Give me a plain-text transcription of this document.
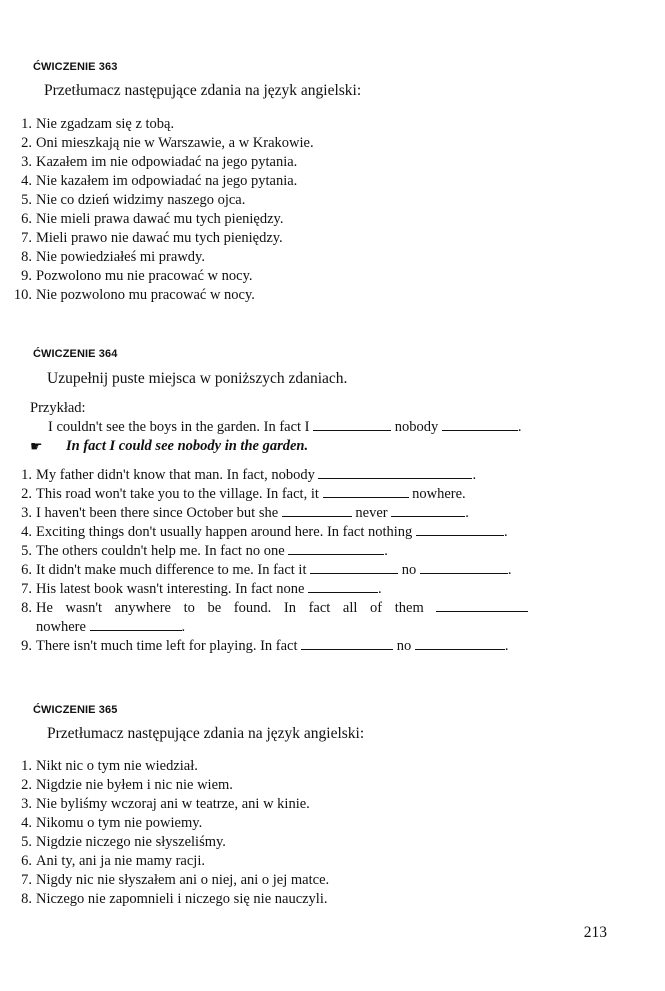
ĆWICZENIE 363
Przetłumacz następujące zdania na język angielski:
1. Nie zgadzam się z tobą.
2. Oni mieszkają nie w Warszawie, a w Krakowie.
3. Kazałem im nie odpowiadać na jego pytania.
4. Nie kazałem im odpowiadać na jego pytania.
5. Nie co dzień widzimy naszego ojca.
6. Nie mieli prawa dawać mu tych pieniędzy.
7. Mieli prawo nie dawać mu tych pieniędzy.
8. Nie powiedziałeś mi prawdy.
9. Pozwolono mu nie pracować w nocy.
10. Nie pozwolono mu pracować w nocy.
ĆWICZENIE 364
Uzupełnij puste miejsca w poniższych zdaniach.
Przykład:
I couldn't see the boys in the garden. In fact I	nobody	.
☛ In fact I could see nobody in the garden.
1. My father didn't know that man. In fact, nobody	.
2. This road won't take you to the village. In fact, it	nowhere.
3. I haven't been there since October but she	never	.
4. Exciting things don't usually happen around here. In fact nothing	.
5. The others couldn't help me. In fact no one	.
6. It didn't make much difference to me. In fact it	no	.
7. His latest book wasn't interesting. In fact none	.
8. He wasn't anywhere to be found. In fact all of them
nowhere	.
9. There isn't much time left for playing. In fact	no	.
ĆWICZENIE 365
Przetłumacz następujące zdania na język angielski:
1. Nikt nic o tym nie wiedział.
2. Nigdzie nie byłem i nic nie wiem.
3. Nie byliśmy wczoraj ani w teatrze, ani w kinie.
4. Nikomu o tym nie powiemy.
5. Nigdzie niczego nie słyszeliśmy.
6. Ani ty, ani ja nie mamy racji.
7. Nigdy nic nie słyszałem ani o niej, ani o jej matce.
8. Niczego nie zapomnieli i niczego się nie nauczyli.
213
